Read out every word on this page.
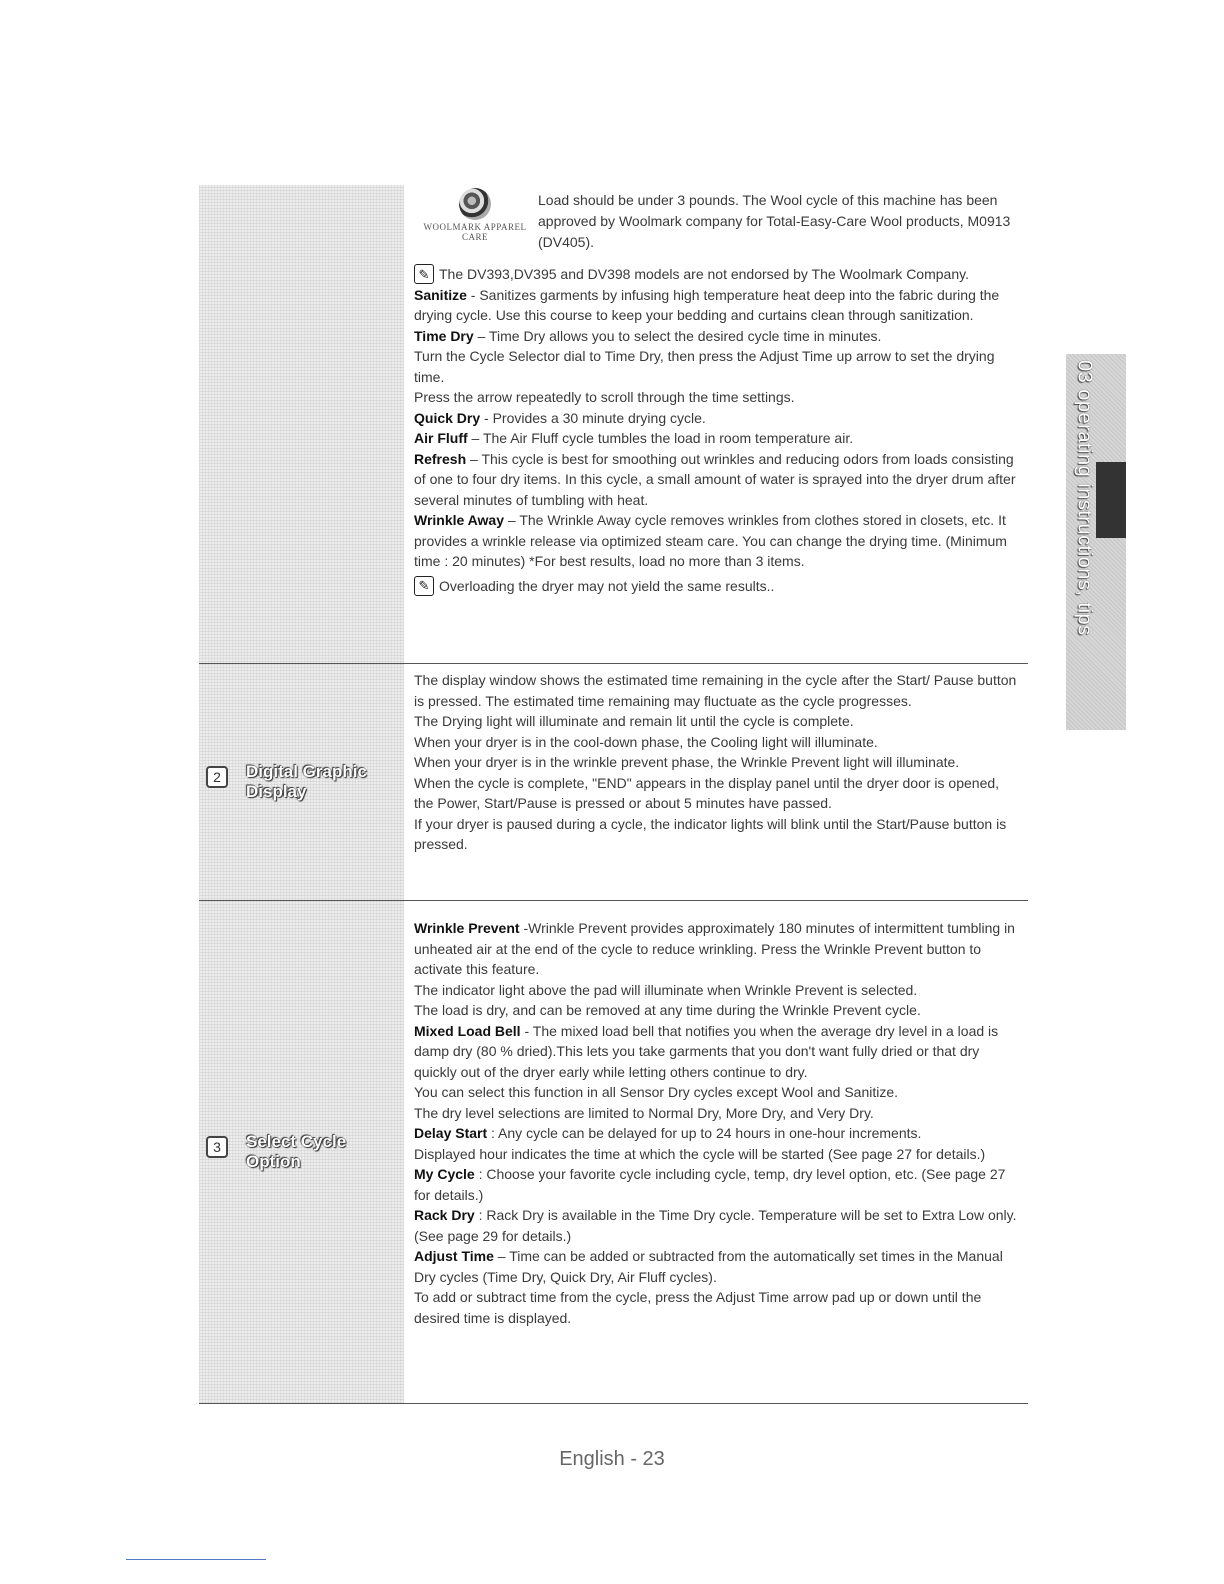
WOOLMARK APPAREL CARE
Load should be under 3 pounds. The Wool cycle of this machine has been approved by Woolmark company for Total-Easy-Care Wool products, M0913 (DV405).
✎ The DV393,DV395 and DV398 models are not endorsed by The Woolmark Company.

Sanitize - Sanitizes garments by infusing high temperature heat deep into the fabric during the drying cycle. Use this course to keep your bedding and curtains clean through sanitization.

Time Dry – Time Dry allows you to select the desired cycle time in minutes.

Turn the Cycle Selector dial to Time Dry, then press the Adjust Time up arrow to set the drying time.

Press the arrow repeatedly to scroll through the time settings.

Quick Dry - Provides a 30 minute drying cycle.

Air Fluff – The Air Fluff cycle tumbles the load in room temperature air.

Refresh – This cycle is best for smoothing out wrinkles and reducing odors from loads consisting of one to four dry items. In this cycle, a small amount of water is sprayed into the dryer drum after several minutes of tumbling with heat.

Wrinkle Away – The Wrinkle Away cycle removes wrinkles from clothes stored in closets, etc. It provides a wrinkle release via optimized steam care. You can change the drying time. (Minimum time : 20 minutes) *For best results, load no more than 3 items.

✎ Overloading the dryer may not yield the same results..
2	Digital Graphic Display

The display window shows the estimated time remaining in the cycle after the Start/ Pause button is pressed. The estimated time remaining may fluctuate as the cycle progresses.

The Drying light will illuminate and remain lit until the cycle is complete.

When your dryer is in the cool-down phase, the Cooling light will illuminate.

When your dryer is in the wrinkle prevent phase, the Wrinkle Prevent light will illuminate.

When the cycle is complete, "END" appears in the display panel until the dryer door is opened, the Power, Start/Pause is pressed or about 5 minutes have passed.

If your dryer is paused during a cycle, the indicator lights will blink until the Start/Pause button is pressed.

3	Select Cycle Option

Wrinkle Prevent -Wrinkle Prevent provides approximately 180 minutes of intermittent tumbling in unheated air at the end of the cycle to reduce wrinkling. Press the Wrinkle Prevent button to activate this feature.

The indicator light above the pad will illuminate when Wrinkle Prevent is selected.

The load is dry, and can be removed at any time during the Wrinkle Prevent cycle.

Mixed Load Bell - The mixed load bell that notifies you when the average dry level in a load is damp dry (80 % dried).This lets you take garments that you don't want fully dried or that dry quickly out of the dryer early while letting others continue to dry.

You can select this function in all Sensor Dry cycles except Wool and Sanitize.

The dry level selections are limited to Normal Dry, More Dry, and Very Dry.

Delay Start : Any cycle can be delayed for up to 24 hours in one-hour increments.

Displayed hour indicates the time at which the cycle will be started (See page 27 for details.)

My Cycle : Choose your favorite cycle including cycle, temp, dry level option, etc. (See page 27 for details.)

Rack Dry : Rack Dry is available in the Time Dry cycle. Temperature will be set to Extra Low only. (See page 29 for details.)

Adjust Time – Time can be added or subtracted from the automatically set times in the Manual Dry cycles (Time Dry, Quick Dry, Air Fluff cycles).

To add or subtract time from the cycle, press the Adjust Time arrow pad up or down until the desired time is displayed.

03 operating instructions, tips
English - 23
